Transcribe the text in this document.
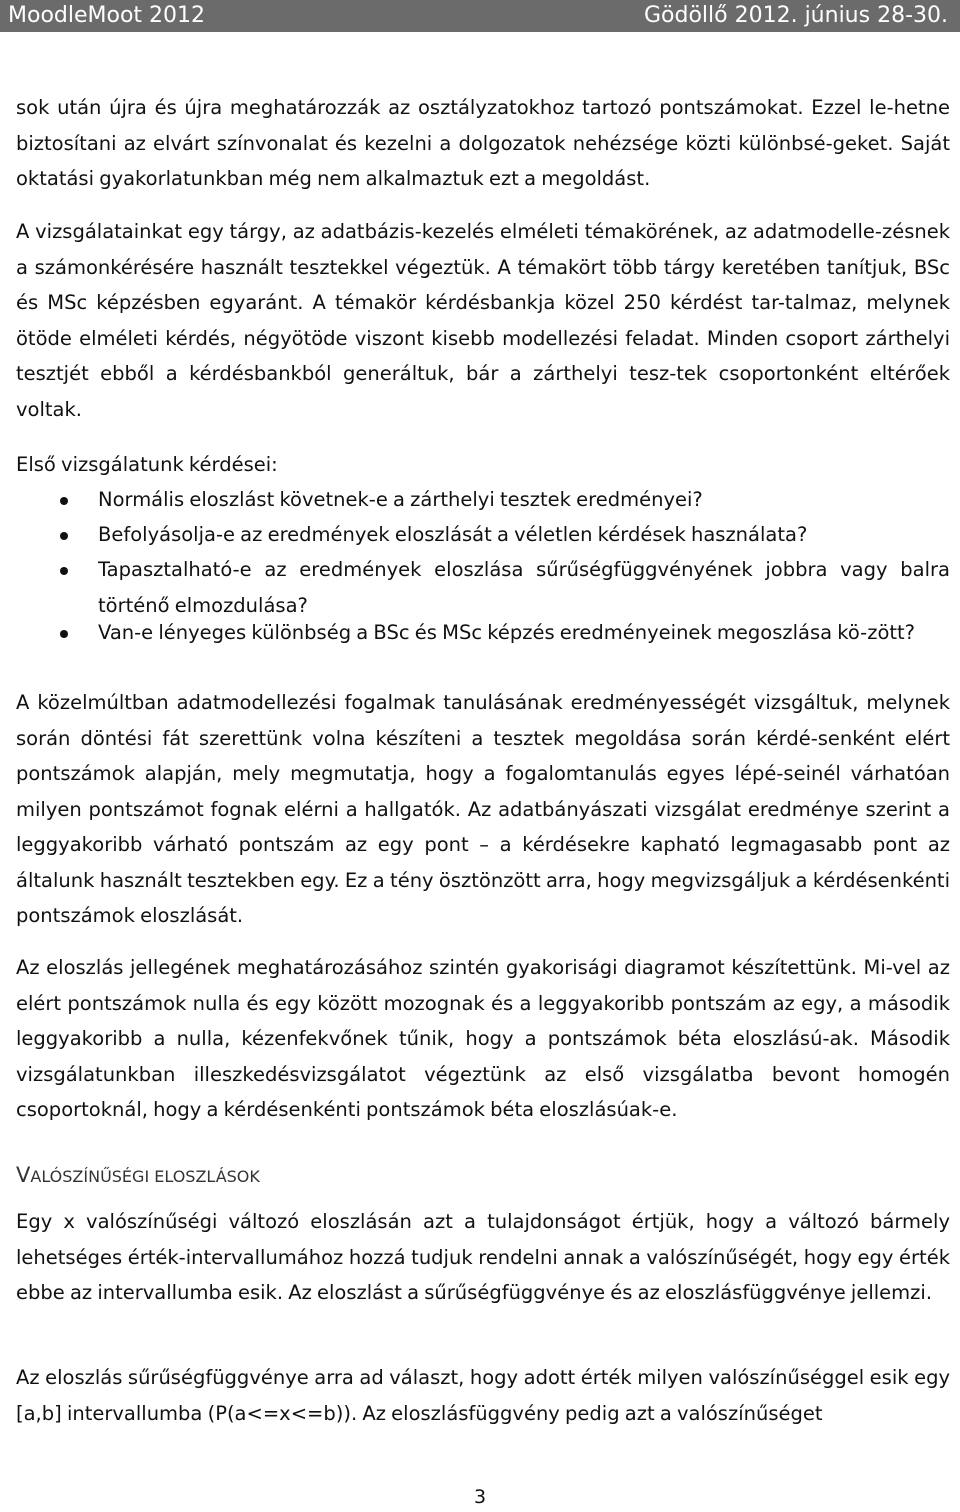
MoodleMoot 2012	Gödöllő 2012. június 28-30.
sok után újra és újra meghatározzák az osztályzatokhoz tartozó pontszámokat. Ezzel le-hetne biztosítani az elvárt színvonalat és kezelni a dolgozatok nehézsége közti különbsé-geket. Saját oktatási gyakorlatunkban még nem alkalmaztuk ezt a megoldást.
A vizsgálatainkat egy tárgy, az adatbázis-kezelés elméleti témakörének, az adatmodelle-zésnek a számonkérésére használt tesztekkel végeztük. A témakört több tárgy keretében tanítjuk, BSc és MSc képzésben egyaránt. A témakör kérdésbankja közel 250 kérdést tar-talmaz, melynek ötöde elméleti kérdés, négyötöde viszont kisebb modellezési feladat. Minden csoport zárthelyi tesztjét ebből a kérdésbankból generáltuk, bár a zárthelyi tesz-tek csoportonként eltérőek voltak.
Első vizsgálatunk kérdései:
Normális eloszlást követnek-e a zárthelyi tesztek eredményei?
Befolyásolja-e az eredmények eloszlását a véletlen kérdések használata?
Tapasztalható-e az eredmények eloszlása sűrűségfüggvényének jobbra vagy balra történő elmozdulása?
Van-e lényeges különbség a BSc és MSc képzés eredményeinek megoszlása kö-zött?
A közelmúltban adatmodellezési fogalmak tanulásának eredményességét vizsgáltuk, melynek során döntési fát szerettünk volna készíteni a tesztek megoldása során kérdé-senként elért pontszámok alapján, mely megmutatja, hogy a fogalomtanulás egyes lépé-seinél várhatóan milyen pontszámot fognak elérni a hallgatók. Az adatbányászati vizsgálat eredménye szerint a leggyakoribb várható pontszám az egy pont – a kérdésekre kapható legmagasabb pont az általunk használt tesztekben egy. Ez a tény ösztönzött arra, hogy megvizsgáljuk a kérdésenkénti pontszámok eloszlását.
Az eloszlás jellegének meghatározásához szintén gyakorisági diagramot készítettünk. Mi-vel az elért pontszámok nulla és egy között mozognak és a leggyakoribb pontszám az egy, a második leggyakoribb a nulla, kézenfekvőnek tűnik, hogy a pontszámok béta eloszlású-ak. Második vizsgálatunkban illeszkedésvizsgálatot végeztünk az első vizsgálatba bevont homogén csoportoknál, hogy a kérdésenkénti pontszámok béta eloszlásúak-e.
VALÓSZÍNŰSÉGI ELOSZLÁSOK
Egy x valószínűségi változó eloszlásán azt a tulajdonságot értjük, hogy a változó bármely lehetséges érték-intervallumához hozzá tudjuk rendelni annak a valószínűségét, hogy egy érték ebbe az intervallumba esik. Az eloszlást a sűrűségfüggvénye és az eloszlásfüggvénye jellemzi.
Az eloszlás sűrűségfüggvénye arra ad választ, hogy adott érték milyen valószínűséggel esik egy [a,b] intervallumba (P(a<=x<=b)). Az eloszlásfüggvény pedig azt a valószínűséget
3
